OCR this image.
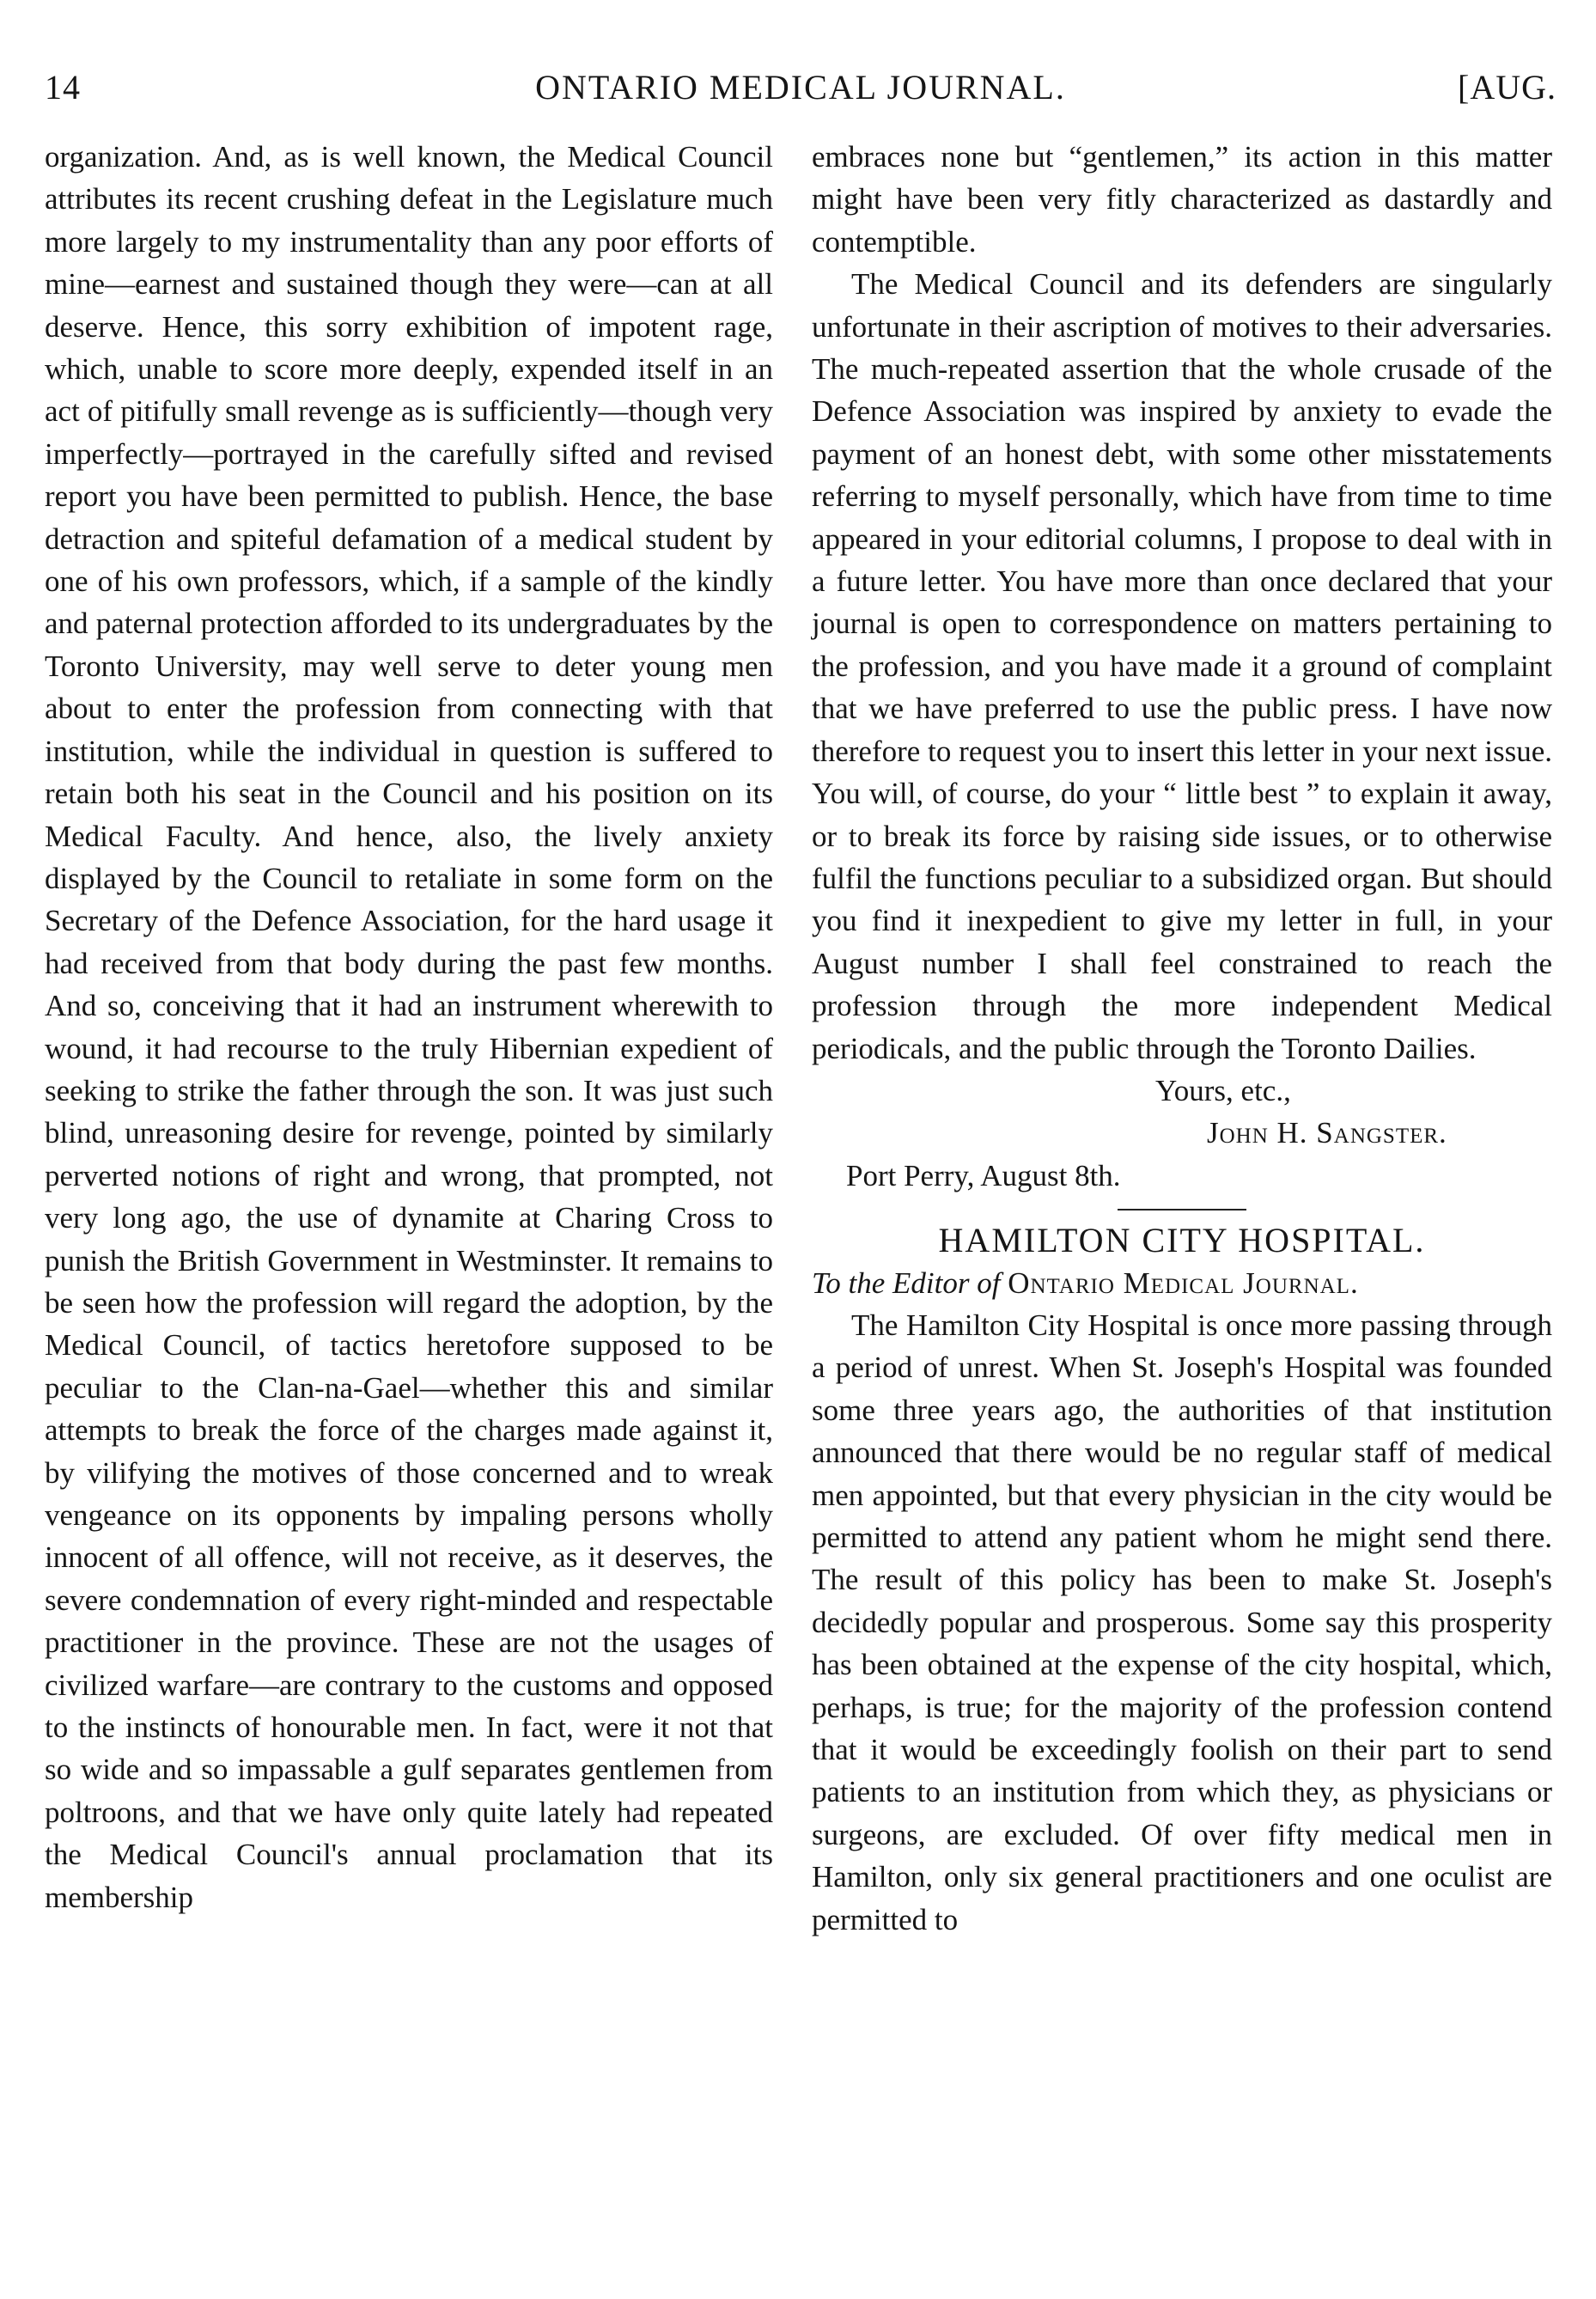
14	ONTARIO MEDICAL JOURNAL.	[AUG.

organization. And, as is well known, the Medical Council attributes its recent crushing defeat in the Legislature much more largely to my instrumentality than any poor efforts of mine—earnest and sustained though they were—can at all deserve. Hence, this sorry exhibition of impotent rage, which, unable to score more deeply, expended itself in an act of pitifully small revenge as is sufficiently—though very imperfectly—portrayed in the carefully sifted and revised report you have been permitted to publish. Hence, the base detraction and spiteful defamation of a medical student by one of his own professors, which, if a sample of the kindly and paternal protection afforded to its undergraduates by the Toronto University, may well serve to deter young men about to enter the profession from connecting with that institution, while the individual in question is suffered to retain both his seat in the Council and his position on its Medical Faculty. And hence, also, the lively anxiety displayed by the Council to retaliate in some form on the Secretary of the Defence Association, for the hard usage it had received from that body during the past few months. And so, conceiving that it had an instrument wherewith to wound, it had recourse to the truly Hibernian expedient of seeking to strike the father through the son. It was just such blind, unreasoning desire for revenge, pointed by similarly perverted notions of right and wrong, that prompted, not very long ago, the use of dynamite at Charing Cross to punish the British Government in Westminster. It remains to be seen how the profession will regard the adoption, by the Medical Council, of tactics heretofore supposed to be peculiar to the Clan-na-Gael—whether this and similar attempts to break the force of the charges made against it, by vilifying the motives of those concerned and to wreak vengeance on its opponents by impaling persons wholly innocent of all offence, will not receive, as it deserves, the severe condemnation of every right-minded and respectable practitioner in the province. These are not the usages of civilized warfare—are contrary to the customs and opposed to the instincts of honourable men. In fact, were it not that so wide and so impassable a gulf separates gentlemen from poltroons, and that we have only quite lately had repeated the Medical Council's annual proclamation that its membership

embraces none but “gentlemen,” its action in this matter might have been very fitly characterized as dastardly and contemptible.

The Medical Council and its defenders are singularly unfortunate in their ascription of motives to their adversaries. The much-repeated assertion that the whole crusade of the Defence Association was inspired by anxiety to evade the payment of an honest debt, with some other misstatements referring to myself personally, which have from time to time appeared in your editorial columns, I propose to deal with in a future letter. You have more than once declared that your journal is open to correspondence on matters pertaining to the profession, and you have made it a ground of complaint that we have preferred to use the public press. I have now therefore to request you to insert this letter in your next issue. You will, of course, do your “ little best ” to explain it away, or to break its force by raising side issues, or to otherwise fulfil the functions peculiar to a subsidized organ. But should you find it inexpedient to give my letter in full, in your August number I shall feel constrained to reach the profession through the more independent Medical periodicals, and the public through the Toronto Dailies.

Yours, etc.,

John H. Sangster.

Port Perry, August 8th.

HAMILTON CITY HOSPITAL.

To the Editor of Ontario Medical Journal.

The Hamilton City Hospital is once more passing through a period of unrest. When St. Joseph's Hospital was founded some three years ago, the authorities of that institution announced that there would be no regular staff of medical men appointed, but that every physician in the city would be permitted to attend any patient whom he might send there. The result of this policy has been to make St. Joseph's decidedly popular and prosperous. Some say this prosperity has been obtained at the expense of the city hospital, which, perhaps, is true; for the majority of the profession contend that it would be exceedingly foolish on their part to send patients to an institution from which they, as physicians or surgeons, are excluded. Of over fifty medical men in Hamilton, only six general practitioners and one oculist are permitted to
